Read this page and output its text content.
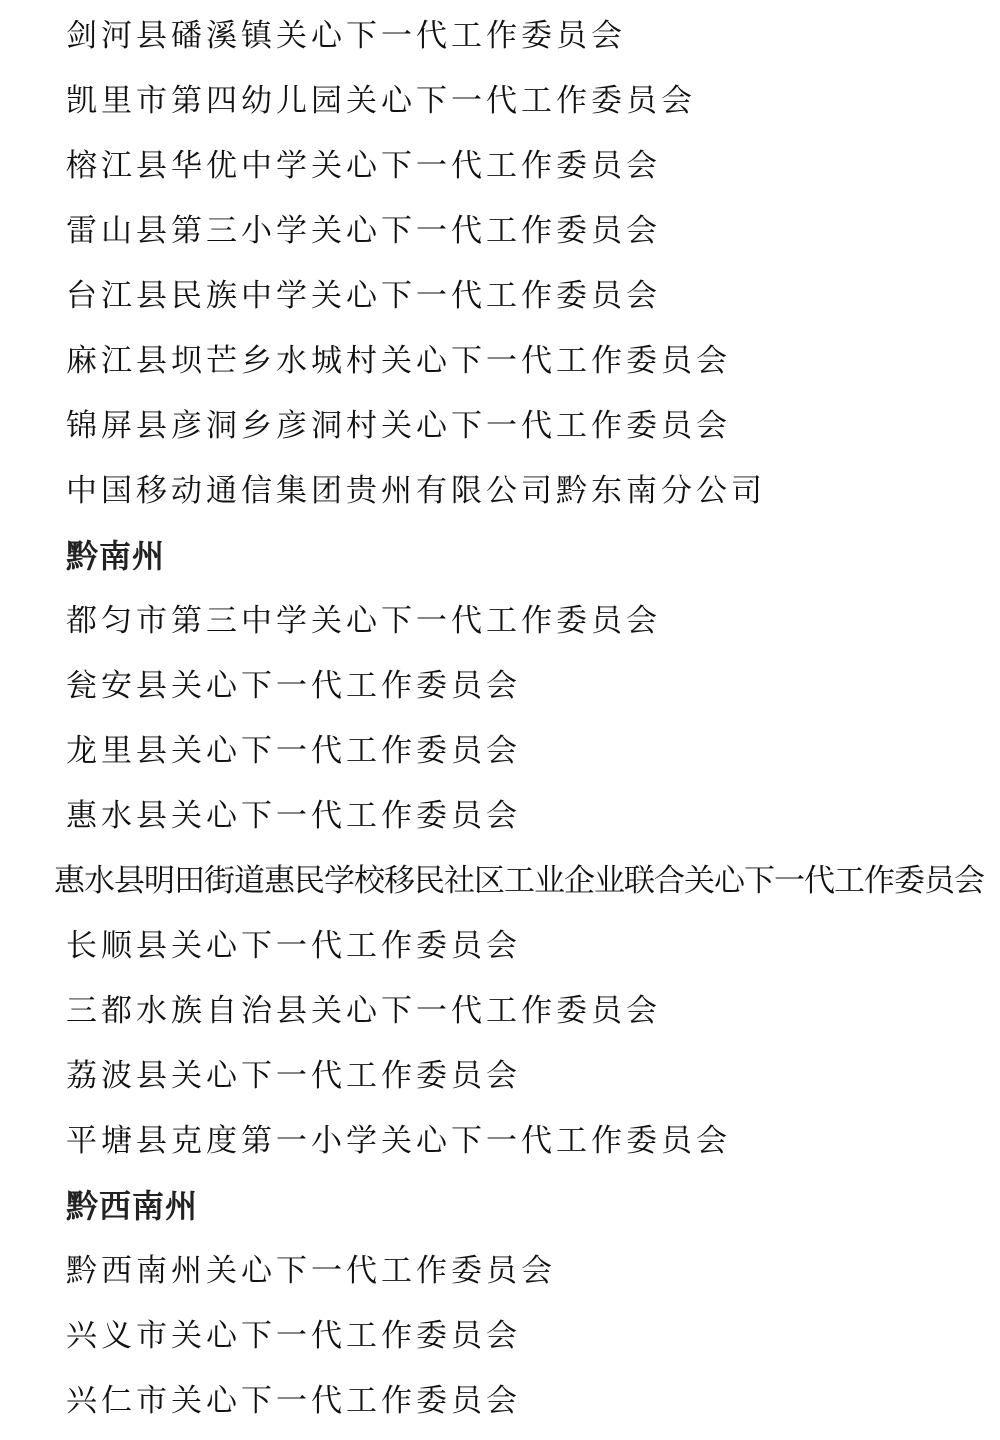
剑河县磻溪镇关心下一代工作委员会
凯里市第四幼儿园关心下一代工作委员会
榕江县华优中学关心下一代工作委员会
雷山县第三小学关心下一代工作委员会
台江县民族中学关心下一代工作委员会
麻江县坝芒乡水城村关心下一代工作委员会
锦屏县彦洞乡彦洞村关心下一代工作委员会
中国移动通信集团贵州有限公司黔东南分公司
黔南州
都匀市第三中学关心下一代工作委员会
瓮安县关心下一代工作委员会
龙里县关心下一代工作委员会
惠水县关心下一代工作委员会
惠水县明田街道惠民学校移民社区工业企业联合关心下一代工作委员会
长顺县关心下一代工作委员会
三都水族自治县关心下一代工作委员会
荔波县关心下一代工作委员会
平塘县克度第一小学关心下一代工作委员会
黔西南州
黔西南州关心下一代工作委员会
兴义市关心下一代工作委员会
兴仁市关心下一代工作委员会
